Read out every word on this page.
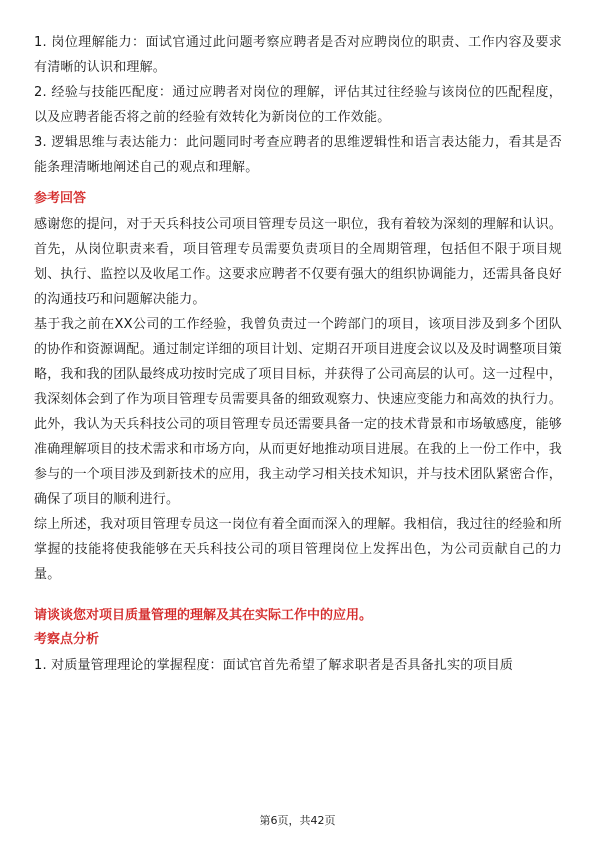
1. 岗位理解能力：面试官通过此问题考察应聘者是否对应聘岗位的职责、工作内容及要求有清晰的认识和理解。

2. 经验与技能匹配度：通过应聘者对岗位的理解，评估其过往经验与该岗位的匹配程度，以及应聘者能否将之前的经验有效转化为新岗位的工作效能。

3. 逻辑思维与表达能力：此问题同时考查应聘者的思维逻辑性和语言表达能力，看其是否能条理清晰地阐述自己的观点和理解。

参考回答

感谢您的提问，对于天兵科技公司项目管理专员这一职位，我有着较为深刻的理解和认识。首先，从岗位职责来看，项目管理专员需要负责项目的全周期管理，包括但不限于项目规划、执行、监控以及收尾工作。这要求应聘者不仅要有强大的组织协调能力，还需具备良好的沟通技巧和问题解决能力。

基于我之前在XX公司的工作经验，我曾负责过一个跨部门的项目，该项目涉及到多个团队的协作和资源调配。通过制定详细的项目计划、定期召开项目进度会议以及及时调整项目策略，我和我的团队最终成功按时完成了项目目标，并获得了公司高层的认可。这一过程中，我深刻体会到了作为项目管理专员需要具备的细致观察力、快速应变能力和高效的执行力。

此外，我认为天兵科技公司的项目管理专员还需要具备一定的技术背景和市场敏感度，能够准确理解项目的技术需求和市场方向，从而更好地推动项目进展。在我的上一份工作中，我参与的一个项目涉及到新技术的应用，我主动学习相关技术知识，并与技术团队紧密合作，确保了项目的顺利进行。

综上所述，我对项目管理专员这一岗位有着全面而深入的理解。我相信，我过往的经验和所掌握的技能将使我能够在天兵科技公司的项目管理岗位上发挥出色，为公司贡献自己的力量。

请谈谈您对项目质量管理的理解及其在实际工作中的应用。

考察点分析

1. 对质量管理理论的掌握程度：面试官首先希望了解求职者是否具备扎实的项目质

第6页，共42页
